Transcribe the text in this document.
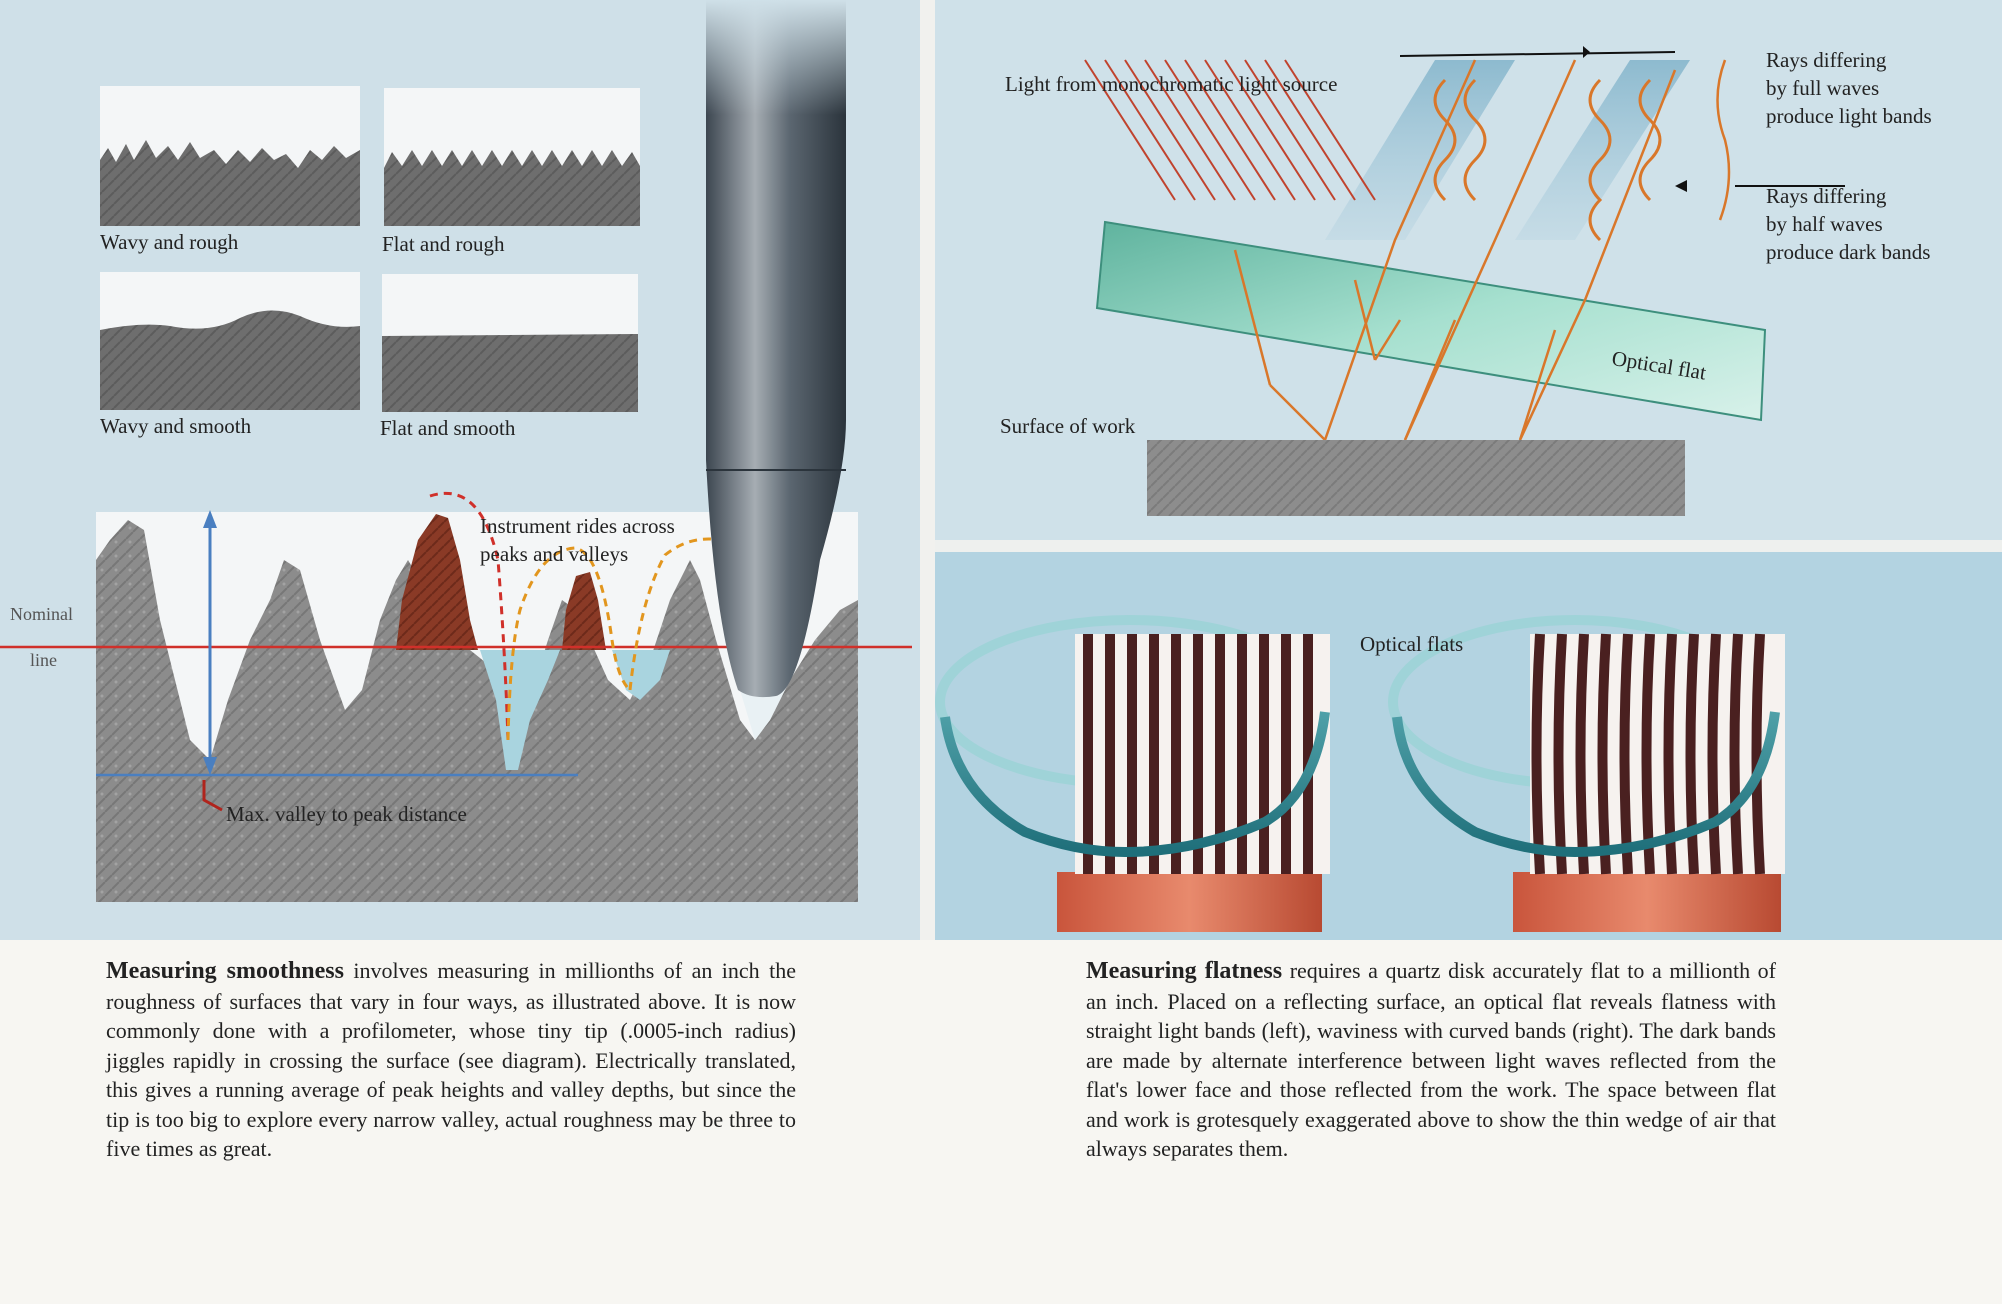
Wavy and rough	Flat and rough
Wavy and smooth	Flat and smooth
Instrument rides across
peaks and valleys
Nominal
line
Max. valley to peak distance
Light from monochromatic light source
Rays differing
by full waves
produce light bands
Rays differing
by half waves
produce dark bands
Optical flat
Surface of work
Optical flats
Measuring smoothness involves measuring in millionths of an inch the roughness of surfaces that vary in four ways, as illustrated above. It is now commonly done with a profilometer, whose tiny tip (.0005-inch radius) jiggles rapidly in crossing the surface (see diagram). Electrically translated, this gives a running average of peak heights and valley depths, but since the tip is too big to explore every narrow valley, actual roughness may be three to five times as great.
Measuring flatness requires a quartz disk accurately flat to a millionth of an inch. Placed on a reflecting surface, an optical flat reveals flatness with straight light bands (left), waviness with curved bands (right). The dark bands are made by alternate interference between light waves reflected from the flat's lower face and those reflected from the work. The space between flat and work is grotesquely exaggerated above to show the thin wedge of air that always separates them.
